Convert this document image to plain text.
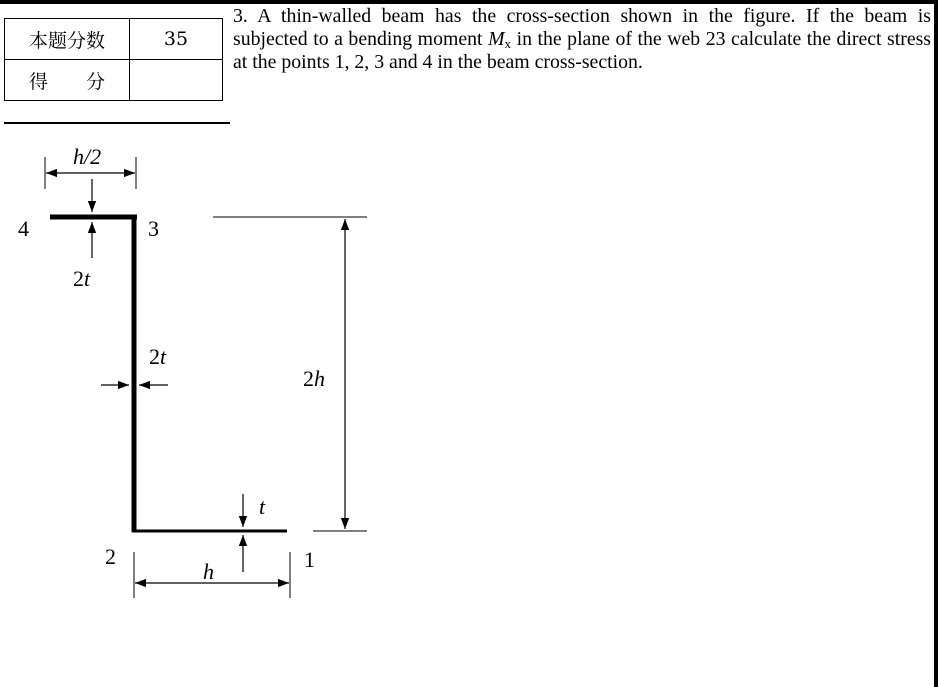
本题分数	35
得　　分	

3. A thin-walled beam has the cross-section shown in the figure. If the beam is subjected to a bending moment $M_x$ in the plane of the web 23 calculate the direct stress at the points 1, 2, 3 and 4 in the beam cross-section.

h/2
2t
2t
2h
t
h	1
2
3
4
